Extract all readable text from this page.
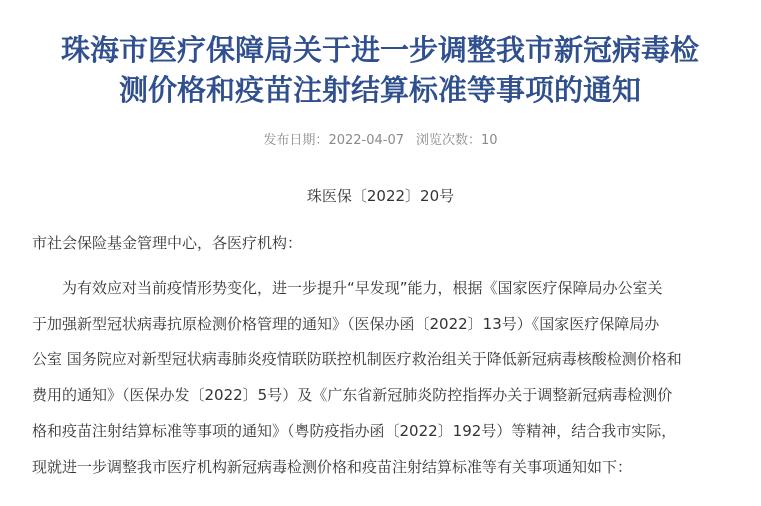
珠海市医疗保障局关于进一步调整我市新冠病毒检
测价格和疫苗注射结算标准等事项的通知
发布日期：2022-04-07 浏览次数：10
珠医保〔2022〕20号
市社会保险基金管理中心，各医疗机构：
为有效应对当前疫情形势变化，进一步提升“早发现”能力，根据《国家医疗保障局办公室关
于加强新型冠状病毒抗原检测价格管理的通知》（医保办函〔2022〕13号）《国家医疗保障局办
公室 国务院应对新型冠状病毒肺炎疫情联防联控机制医疗救治组关于降低新冠病毒核酸检测价格和
费用的通知》（医保办发〔2022〕5号）及《广东省新冠肺炎防控指挥办关于调整新冠病毒检测价
格和疫苗注射结算标准等事项的通知》（粤防疫指办函〔2022〕192号）等精神，结合我市实际，
现就进一步调整我市医疗机构新冠病毒检测价格和疫苗注射结算标准等有关事项通知如下：
